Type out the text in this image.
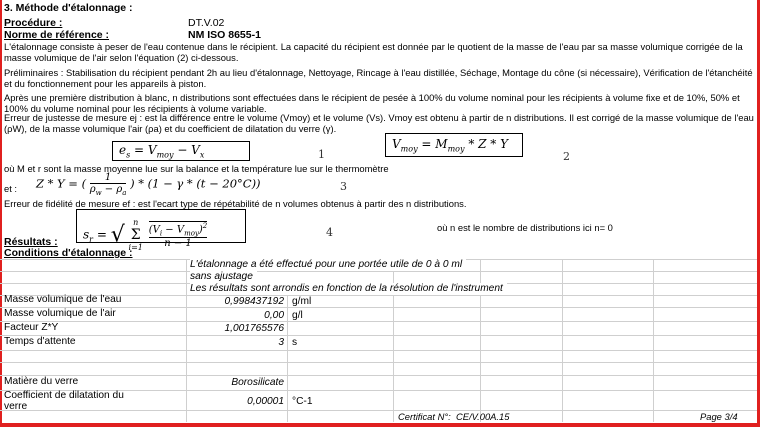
3. Méthode d'étalonnage :
Procédure :	DT.V.02
Norme de référence :	NM ISO 8655-1
L'étalonnage consiste à peser de l'eau contenue dans le récipient. La capacité du récipient est donnée par le quotient de la masse de l'eau par sa masse volumique corrigée de la masse volumique de l'air selon l'équation (2) ci-dessous.
Préliminaires : Stabilisation du récipient pendant 2h au lieu d'étalonnage, Nettoyage, Rincage à l'eau distillée, Séchage, Montage du cône (si nécessaire), Vérification de l'étanchéité et du fonctionnement pour les appareils à piston.
Après une première distribution à blanc, n distributions sont effectuées dans le récipient de pesée à 100% du volume nominal pour les récipients à volume fixe et de 10%, 50% et 100% du volume nominal pour les récipients à volume variable.
Erreur de justesse de mesure ej : est la différence entre le volume (Vmoy) et le volume (Vs). Vmoy est obtenu à partir de n distributions. Il est corrigé de la masse volumique de l'eau (ρW), de la masse volumique l'air (ρa) et du coefficient de dilatation du verre (γ).
$e_s = V_{moy} - V_x$	1
$V_{moy} = M_{moy} * Z * Y$
2
où M et r sont la masse moyenne lue sur la balance et la température lue sur le thermomètre
et : Z * Y = ( $\frac{1}{\rho_w - \rho_a}$ ) * (1 − γ * (t − 20°C))	3
Erreur de fidélité de mesure ef : est l'ecart type de répétabilité de n volumes obtenus à partir des n distributions.
$s_r$ = √	n
Σ
i=1
$\frac{(V_i - V_{moy})^2}{n - 1}$	4	où n est le nombre de distributions ici n= 0
Résultats :
Conditions d'étalonnage :
L'étalonnage a été effectué pour une portée utile de 0 à 0 ml
sans ajustage
Les résultats sont arrondis en fonction de la résolution de l'instrument
Masse volumique de l'eau	0,998437192 g/ml
Masse volumique de l'air	0,00 g/l
Facteur Z*Y	1,001765576
Temps d'attente	3 s
Matière du verre	Borosilicate
Coefficient de dilatation du
verre	0,00001 °C-1
Certificat N°: CE/V.00A.15	Page 3/4
